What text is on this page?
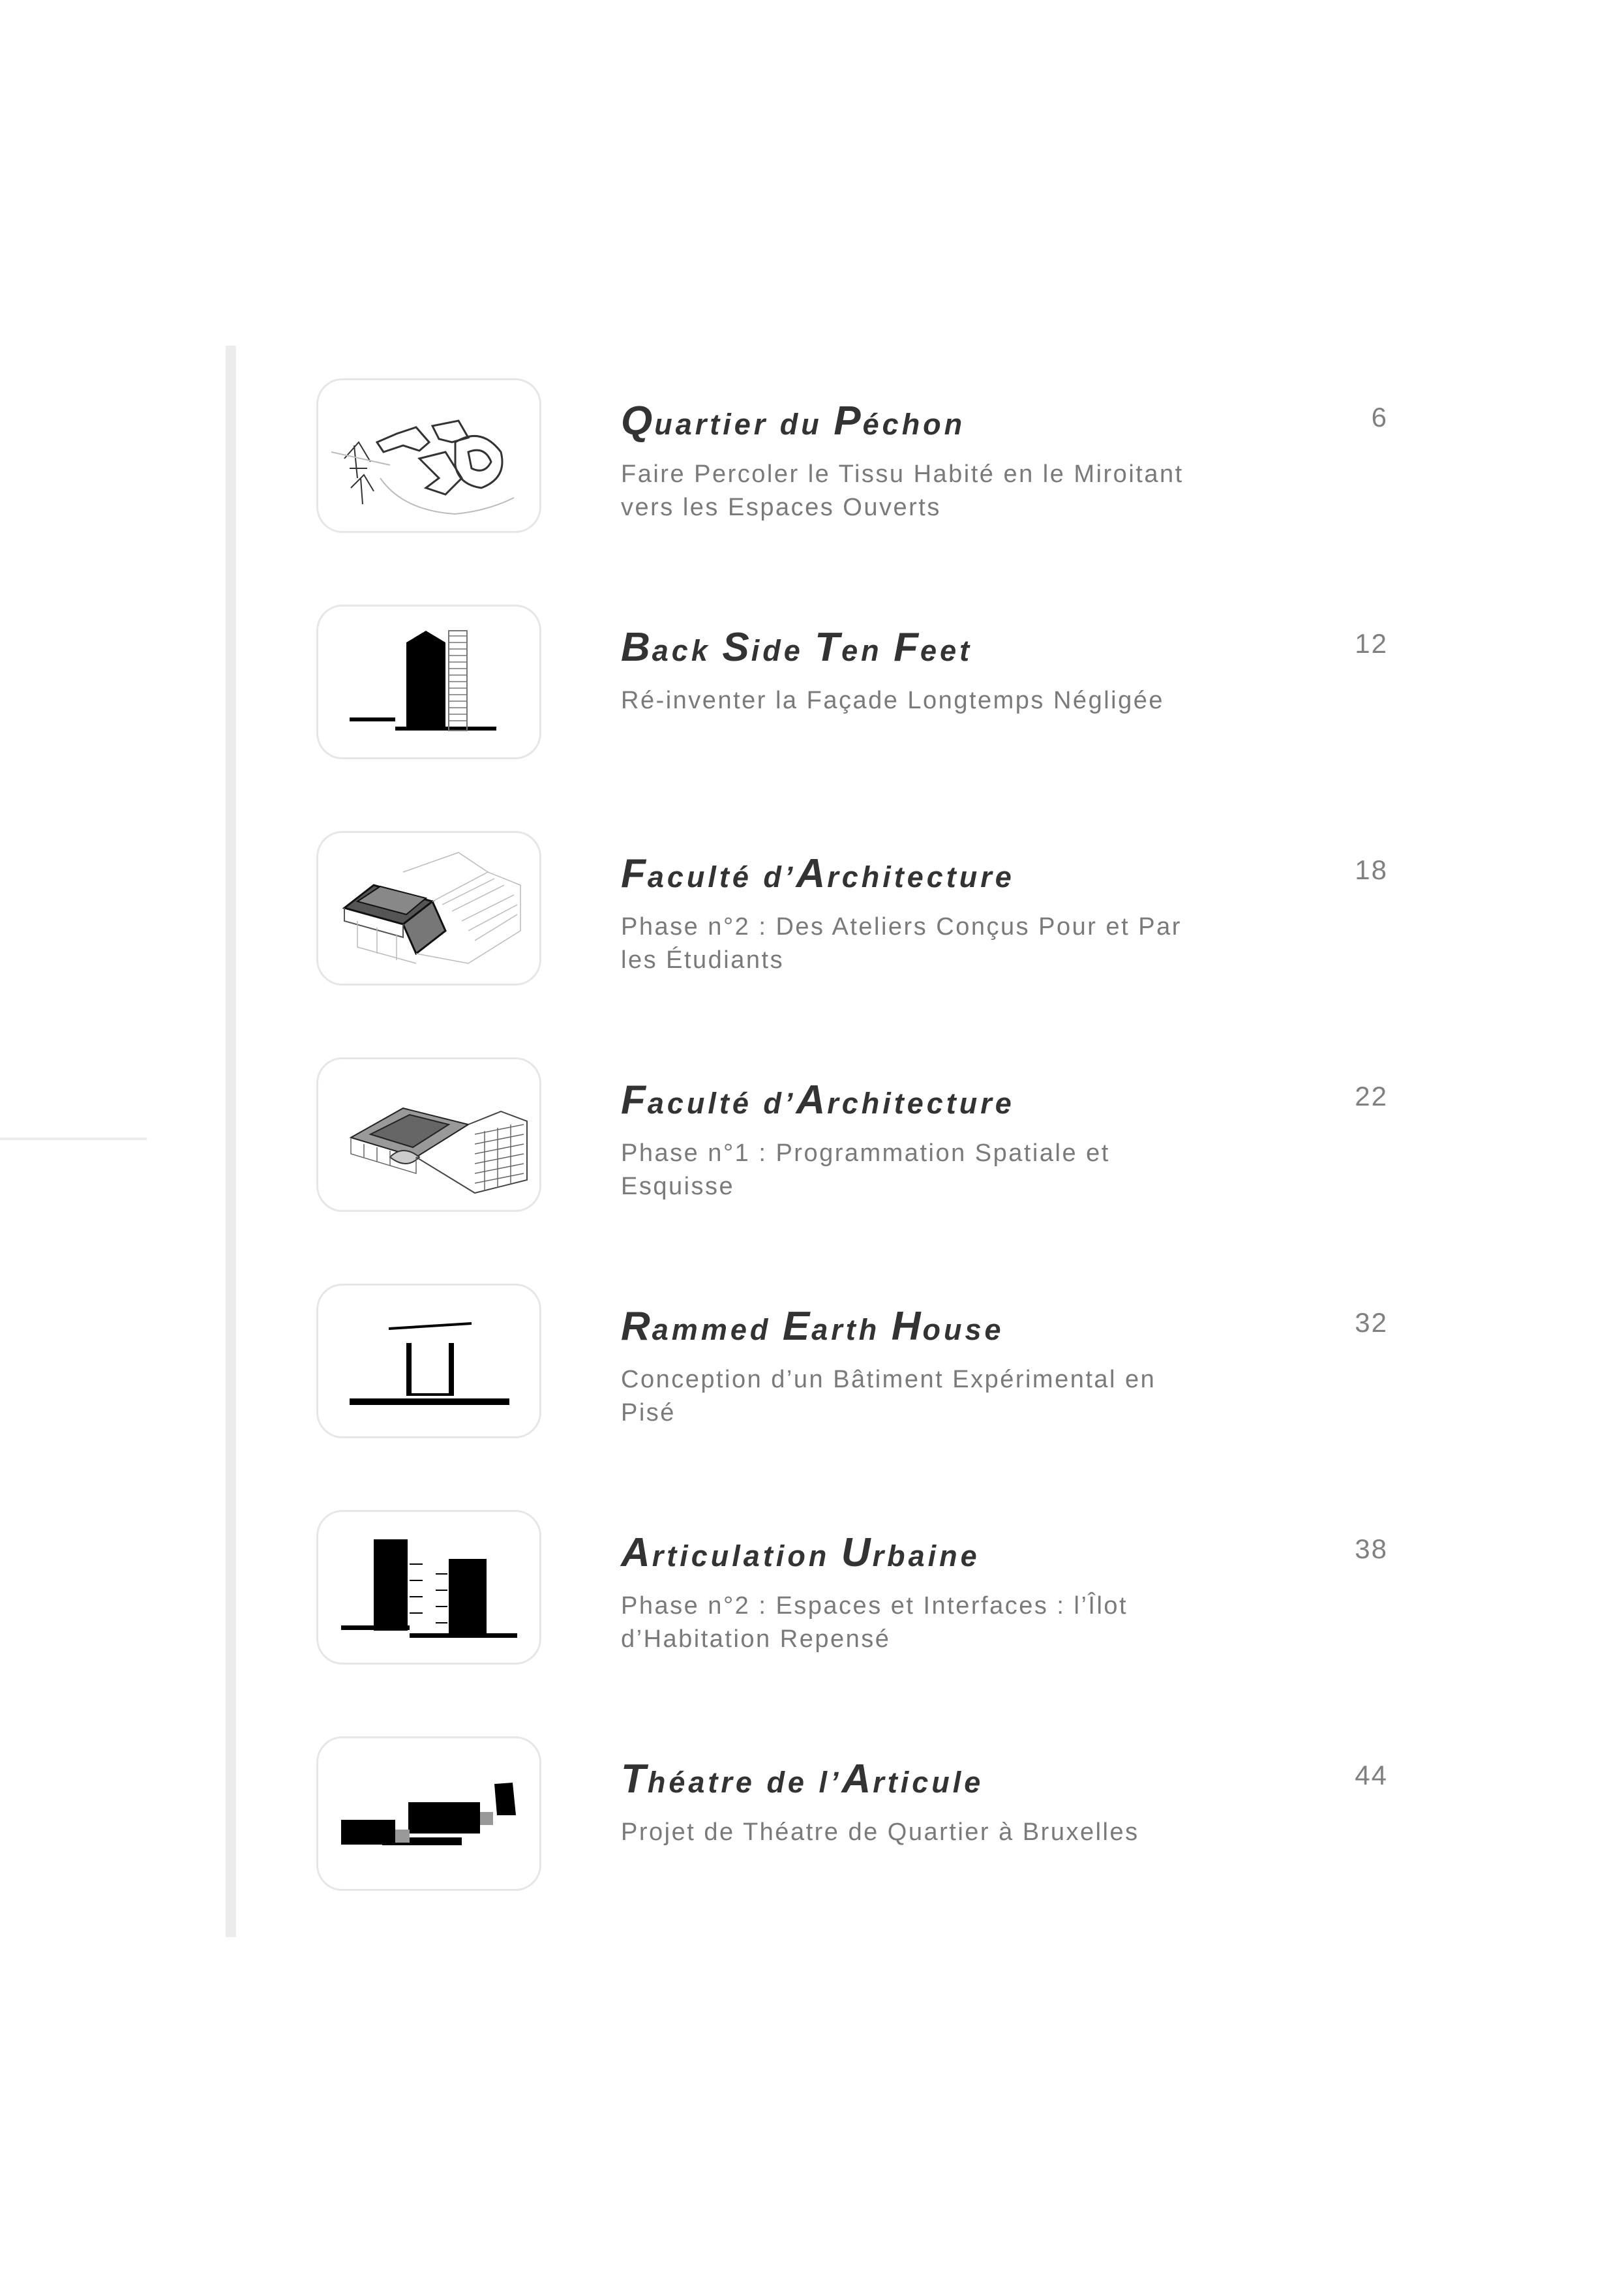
Quartier du Péchon
Faire Percoler le Tissu Habité en le Miroitant
vers les Espaces Ouverts
6
Back Side Ten Feet
Ré-inventer la Façade Longtemps Négligée
12
Faculté d’Architecture
Phase n°2 : Des Ateliers Conçus Pour et Par
les Étudiants
18
Faculté d’Architecture
Phase n°1 : Programmation Spatiale et
Esquisse
22
Rammed Earth House
Conception d’un Bâtiment Expérimental en
Pisé
32
Articulation Urbaine
Phase n°2 : Espaces et Interfaces : l’Îlot
d’Habitation Repensé
38
Théatre de l’Articule
Projet de Théatre de Quartier à Bruxelles
44
